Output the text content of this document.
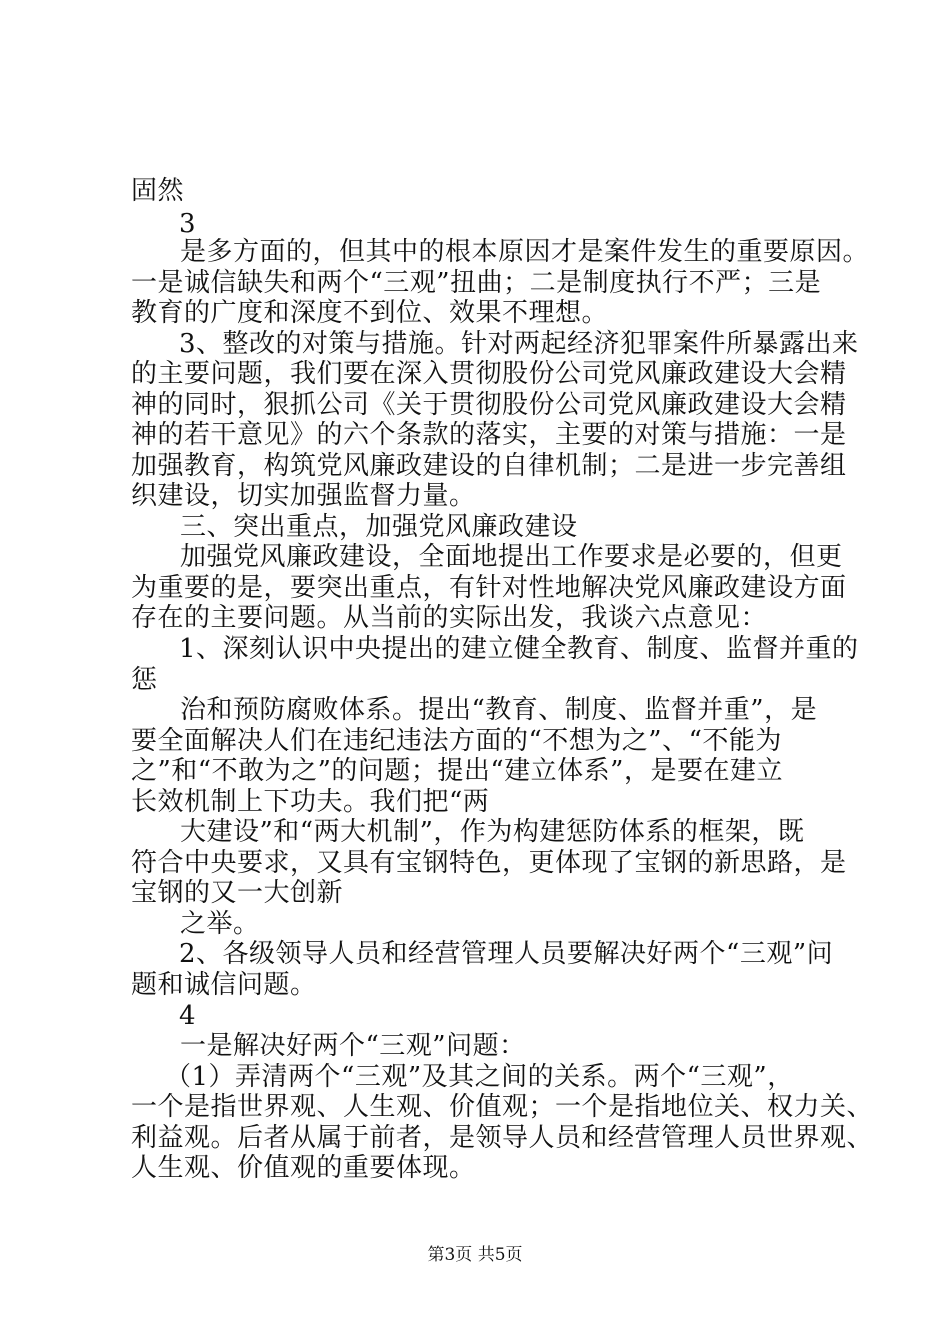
固然
3
是多方面的，但其中的根本原因才是案件发生的重要原因。
一是诚信缺失和两个“三观”扭曲；二是制度执行不严；三是
教育的广度和深度不到位、效果不理想。
3、整改的对策与措施。针对两起经济犯罪案件所暴露出来
的主要问题，我们要在深入贯彻股份公司党风廉政建设大会精
神的同时，狠抓公司《关于贯彻股份公司党风廉政建设大会精
神的若干意见》的六个条款的落实，主要的对策与措施：一是
加强教育，构筑党风廉政建设的自律机制；二是进一步完善组
织建设，切实加强监督力量。
三、突出重点，加强党风廉政建设
加强党风廉政建设，全面地提出工作要求是必要的，但更
为重要的是，要突出重点，有针对性地解决党风廉政建设方面
存在的主要问题。从当前的实际出发，我谈六点意见：
1、深刻认识中央提出的建立健全教育、制度、监督并重的
惩
治和预防腐败体系。提出“教育、制度、监督并重”，是
要全面解决人们在违纪违法方面的“不想为之”、“不能为
之”和“不敢为之”的问题；提出“建立体系”，是要在建立
长效机制上下功夫。我们把“两
大建设”和“两大机制”，作为构建惩防体系的框架，既
符合中央要求，又具有宝钢特色，更体现了宝钢的新思路，是
宝钢的又一大创新
之举。
2、各级领导人员和经营管理人员要解决好两个“三观”问
题和诚信问题。
4
一是解决好两个“三观”问题：
（1）弄清两个“三观”及其之间的关系。两个“三观”，
一个是指世界观、人生观、价值观；一个是指地位关、权力关、
利益观。后者从属于前者，是领导人员和经营管理人员世界观、
人生观、价值观的重要体现。
第3页 共5页
